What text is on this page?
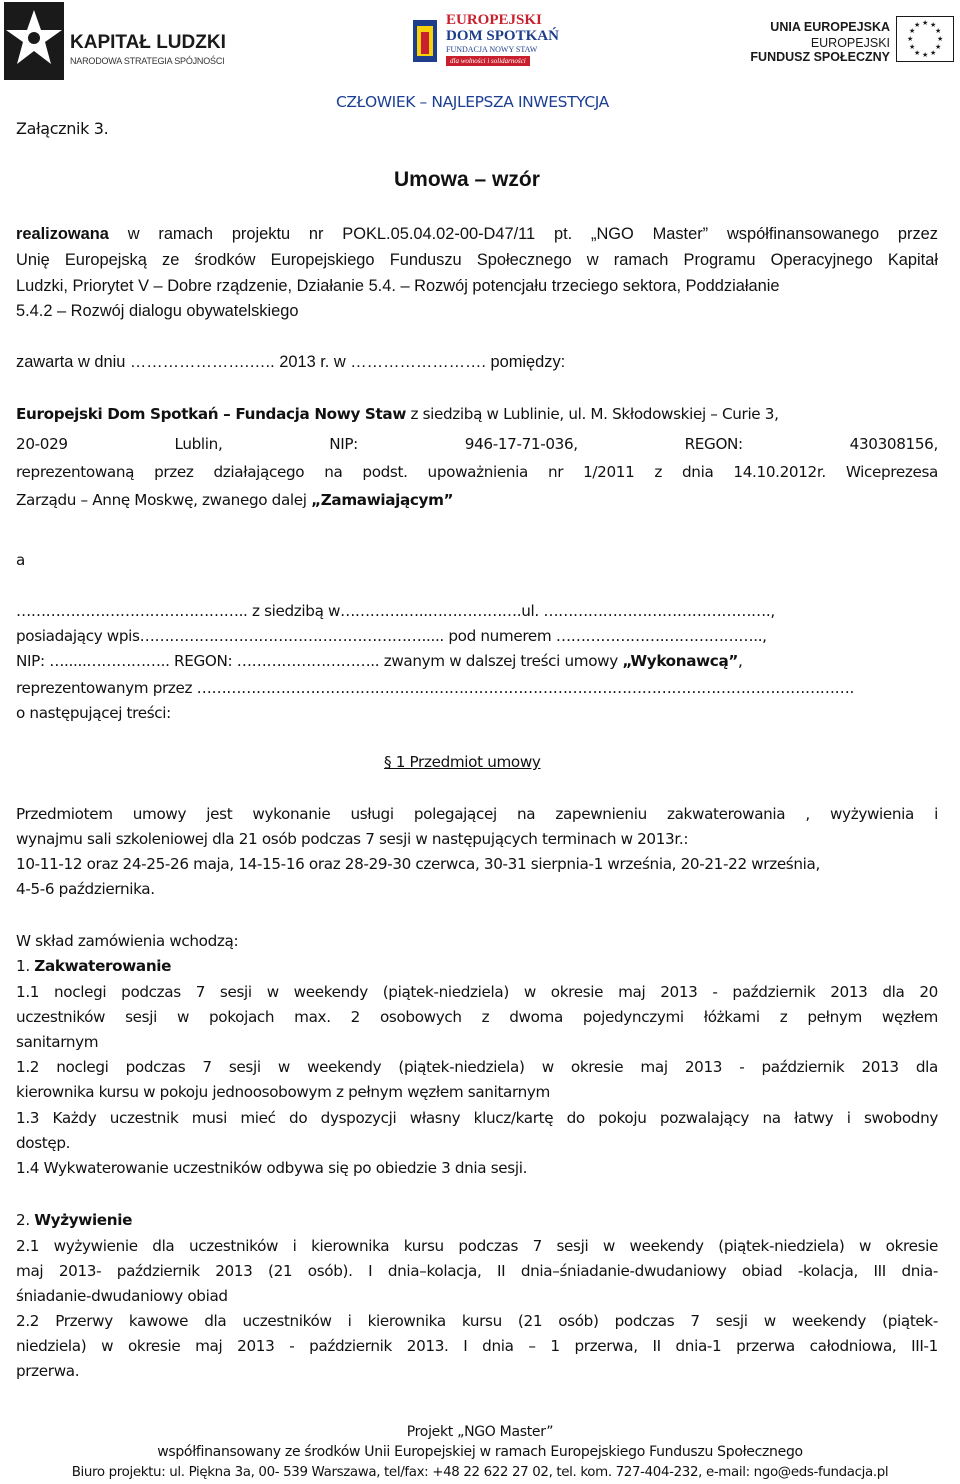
KAPITAŁ LUDZKI
NARODOWA STRATEGIA SPÓJNOŚCI
EUROPEJSKI
DOM SPOTKAŃ
FUNDACJA NOWY STAW
dla wolności i solidarności
UNIA EUROPEJSKA
EUROPEJSKI
FUNDUSZ SPOŁECZNY
★ ★
★
★
★
★
★
★
★
★
★
★
Załącznik 3.
CZŁOWIEK – NAJLEPSZA INWESTYCJA
Umowa – wzór
realizowana w ramach projektu nr POKL.05.04.02-00-D47/11 pt. „NGO Master” współfinansowanego przez
Unię Europejską ze środków Europejskiego Funduszu Społecznego w ramach Programu Operacyjnego Kapitał
Ludzki, Priorytet V – Dobre rządzenie, Działanie 5.4. – Rozwój potencjału trzeciego sektora, Poddziałanie
5.4.2 – Rozwój dialogu obywatelskiego
zawarta w dniu ………………….….. 2013 r. w ……………………. pomiędzy:
Europejski Dom Spotkań – Fundacja Nowy Staw z siedzibą w Lublinie, ul. M. Skłodowskiej – Curie 3,
20-029	Lublin,	NIP:	946-17-71-036,	REGON:	430308156,
reprezentowaną przez działającego na podst. upoważnienia nr 1/2011 z dnia 14.10.2012r. Wiceprezesa
Zarządu – Annę Moskwę, zwanego dalej „Zamawiającym”
a
……………………………………….. z siedzibą w………….…..……………….ul. ……………………………………….,
posiadający wpis…………………………………………………..... pod numerem ………………….………………..,
NIP: ….....…………….. REGON: ……………………….. zwanym w dalszej treści umowy „Wykonawcą”,
reprezentowanym przez …………………………………………………………………………………………………………………….
o następującej treści:
§ 1 Przedmiot umowy
Przedmiotem umowy jest wykonanie usługi polegającej na zapewnieniu zakwaterowania , wyżywienia i
wynajmu sali szkoleniowej dla 21 osób podczas 7 sesji w następujących terminach w 2013r.:
10-11-12 oraz 24-25-26 maja, 14-15-16 oraz 28-29-30 czerwca, 30-31 sierpnia-1 września, 20-21-22 września,
4-5-6 października.
W skład zamówienia wchodzą:
1. Zakwaterowanie
1.1 noclegi podczas 7 sesji w weekendy (piątek-niedziela) w okresie maj 2013 - październik 2013 dla 20
uczestników sesji w pokojach max. 2 osobowych z dwoma pojedynczymi łóżkami z pełnym węzłem
sanitarnym
1.2 noclegi podczas 7 sesji w weekendy (piątek-niedziela) w okresie maj 2013 - październik 2013 dla
kierownika kursu w pokoju jednoosobowym z pełnym węzłem sanitarnym
1.3 Każdy uczestnik musi mieć do dyspozycji własny klucz/kartę do pokoju pozwalający na łatwy i swobodny
dostęp.
1.4 Wykwaterowanie uczestników odbywa się po obiedzie 3 dnia sesji.
2. Wyżywienie
2.1 wyżywienie dla uczestników i kierownika kursu podczas 7 sesji w weekendy (piątek-niedziela) w okresie
maj 2013- październik 2013 (21 osób). I dnia–kolacja, II dnia–śniadanie-dwudaniowy obiad -kolacja, III dnia-
śniadanie-dwudaniowy obiad
2.2 Przerwy kawowe dla uczestników i kierownika kursu (21 osób) podczas 7 sesji w weekendy (piątek-
niedziela) w okresie maj 2013 - październik 2013. I dnia – 1 przerwa, II dnia-1 przerwa całodniowa, III-1
przerwa.
Projekt „NGO Master”
współfinansowany ze środków Unii Europejskiej w ramach Europejskiego Funduszu Społecznego
Biuro projektu: ul. Piękna 3a, 00- 539 Warszawa, tel/fax: +48 22 622 27 02, tel. kom. 727-404-232, e-mail: ngo@eds-fundacja.pl
